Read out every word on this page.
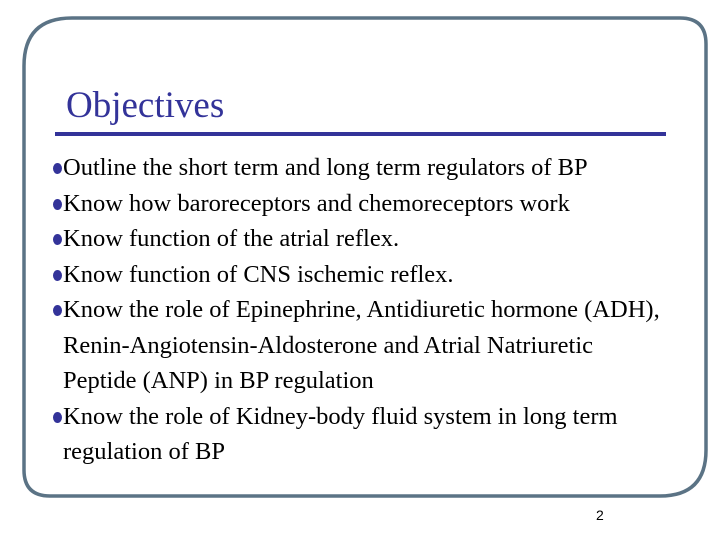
Objectives
Outline the short term and long term regulators of BP
Know how baroreceptors and chemoreceptors work
Know function of the atrial reflex.
Know function of CNS ischemic reflex.
Know the role of Epinephrine, Antidiuretic hormone (ADH), Renin-Angiotensin-Aldosterone and Atrial Natriuretic Peptide (ANP) in BP regulation
Know the role of Kidney-body fluid system in long term regulation of BP
2
